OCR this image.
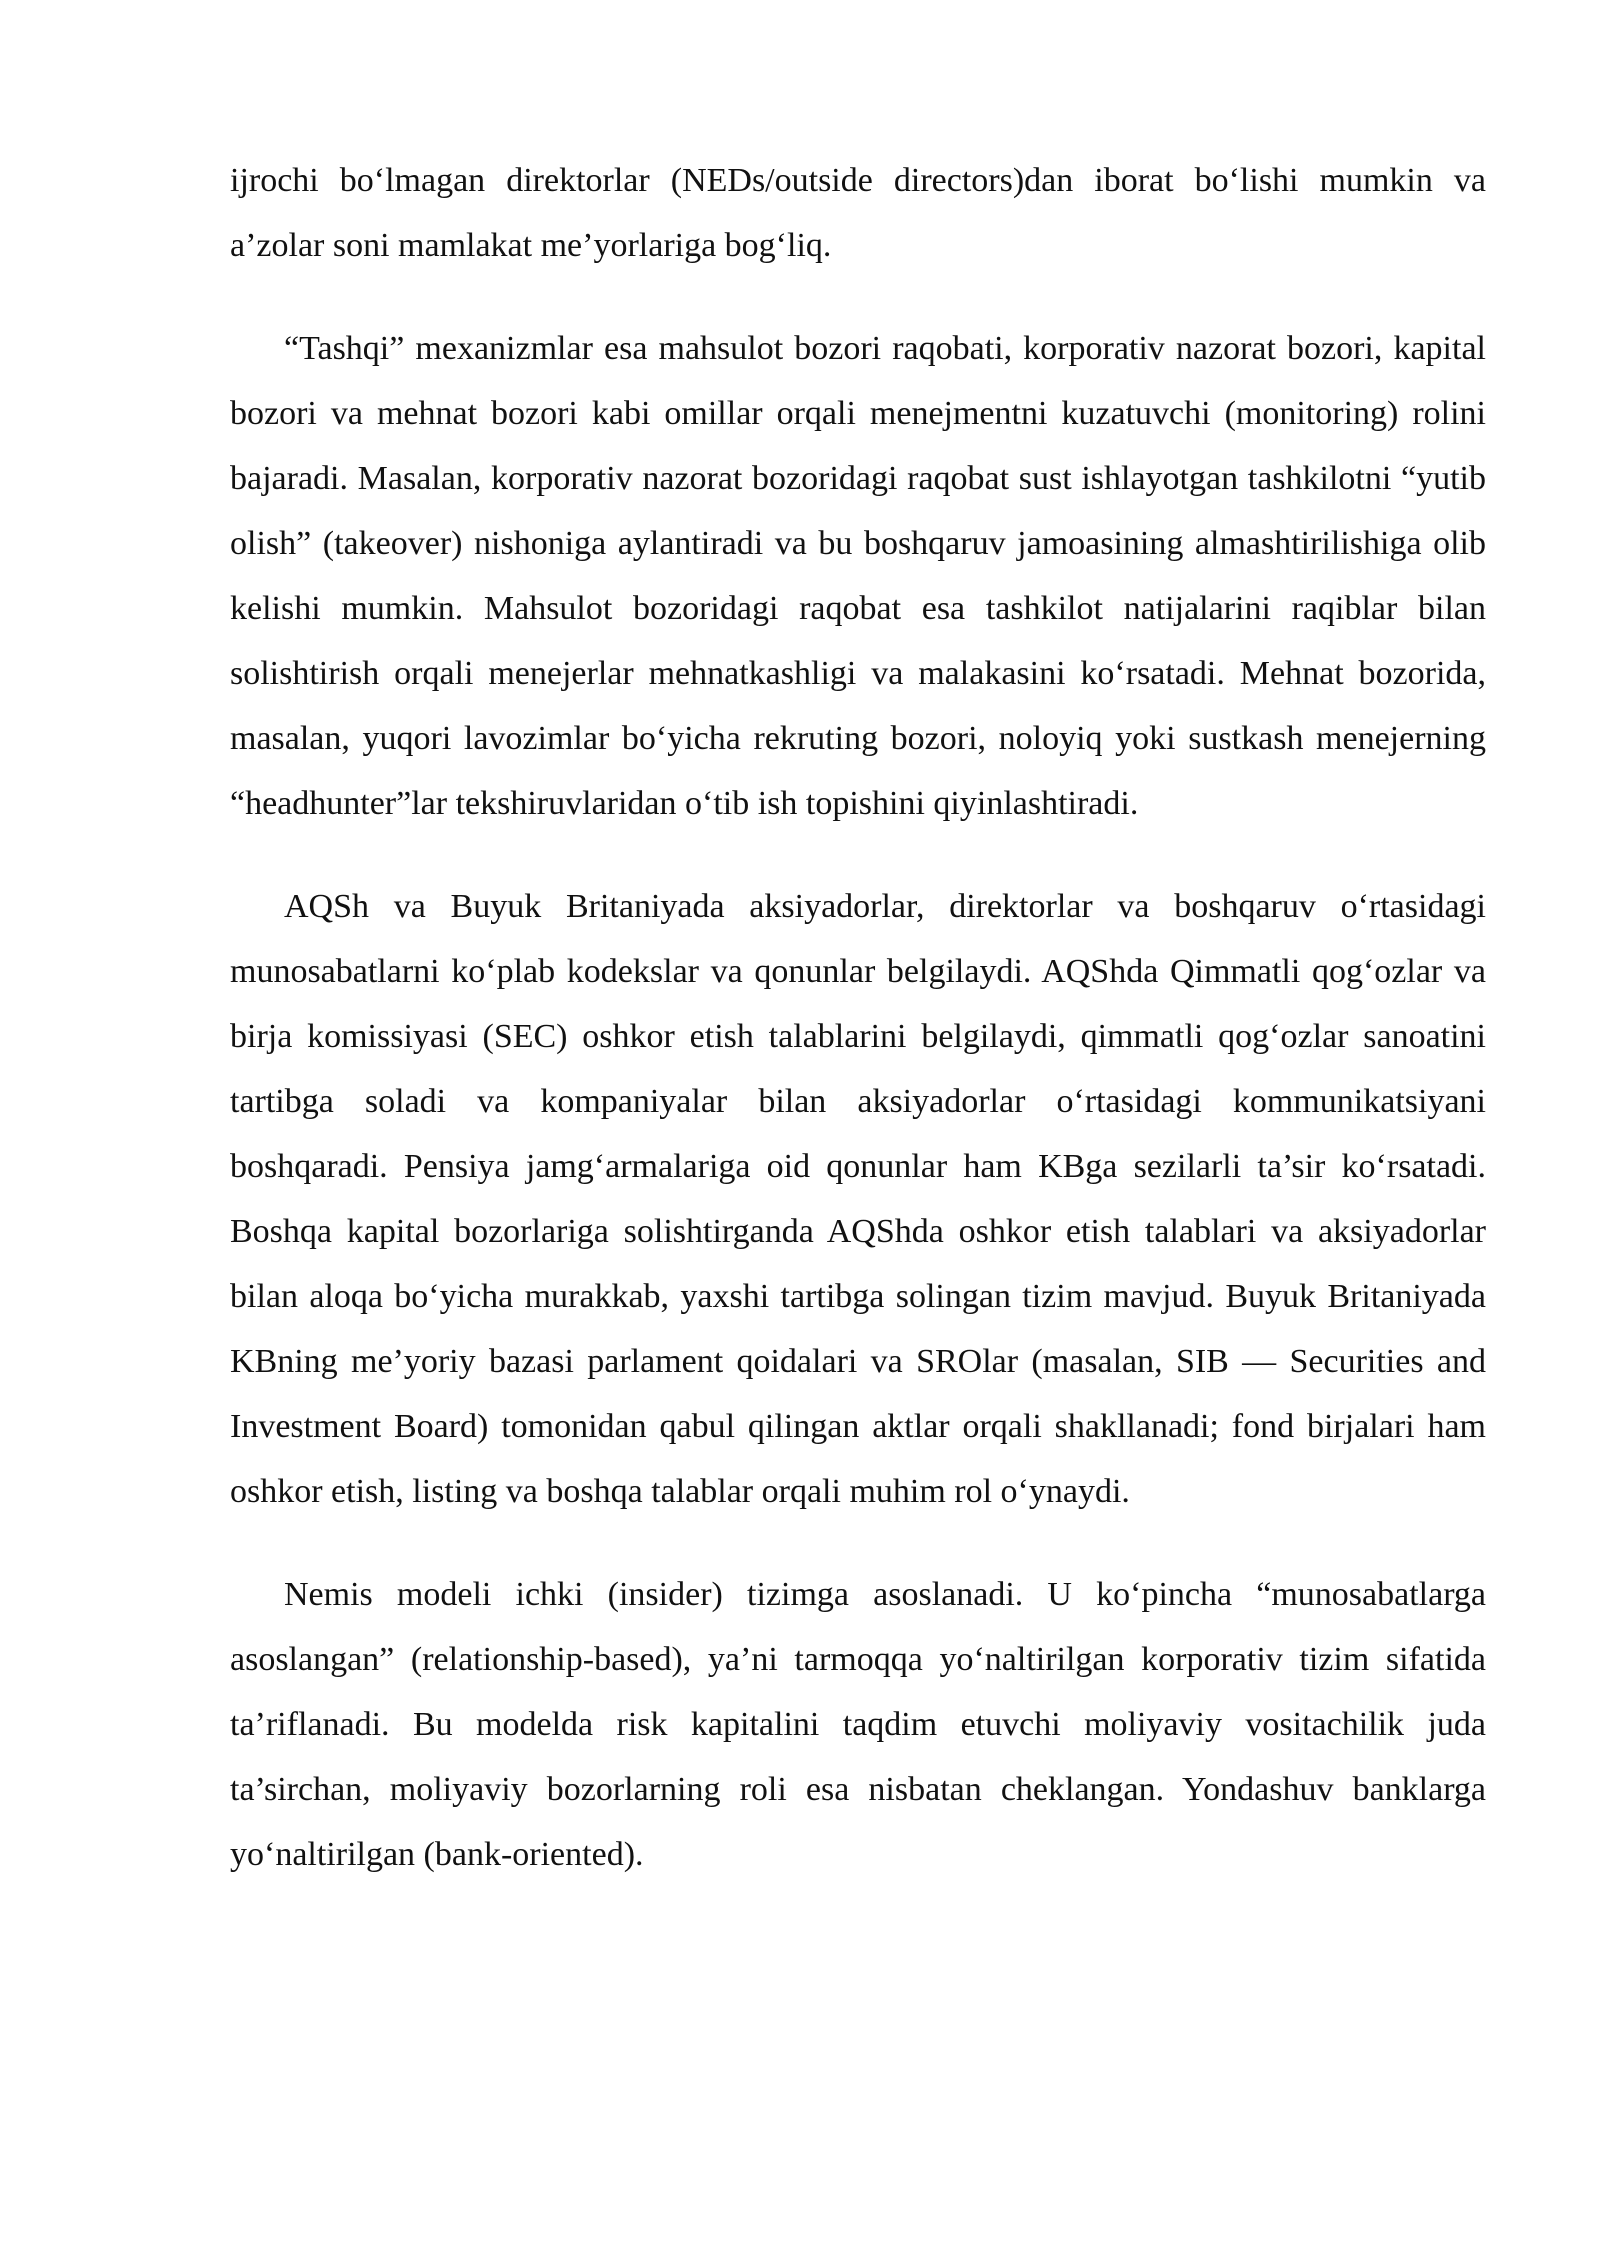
ijrochi bo‘lmagan direktorlar (NEDs/outside directors)dan iborat bo‘lishi mumkin va a’zolar soni mamlakat me’yorlariga bog‘liq.

“Tashqi” mexanizmlar esa mahsulot bozori raqobati, korporativ nazorat bozori, kapital bozori va mehnat bozori kabi omillar orqali menejmentni kuzatuvchi (monitoring) rolini bajaradi. Masalan, korporativ nazorat bozoridagi raqobat sust ishlayotgan tashkilotni “yutib olish” (takeover) nishoniga aylantiradi va bu boshqaruv jamoasining almashtirilishiga olib kelishi mumkin. Mahsulot bozoridagi raqobat esa tashkilot natijalarini raqiblar bilan solishtirish orqali menejerlar mehnatkashligi va malakasini ko‘rsatadi. Mehnat bozorida, masalan, yuqori lavozimlar bo‘yicha rekruting bozori, noloyiq yoki sustkash menejerning “headhunter”lar tekshiruvlaridan o‘tib ish topishini qiyinlashtiradi.

AQSh va Buyuk Britaniyada aksiyadorlar, direktorlar va boshqaruv o‘rtasidagi munosabatlarni ko‘plab kodekslar va qonunlar belgilaydi. AQShda Qimmatli qog‘ozlar va birja komissiyasi (SEC) oshkor etish talablarini belgilaydi, qimmatli qog‘ozlar sanoatini tartibga soladi va kompaniyalar bilan aksiyadorlar o‘rtasidagi kommunikatsiyani boshqaradi. Pensiya jamg‘armalariga oid qonunlar ham KBga sezilarli ta’sir ko‘rsatadi. Boshqa kapital bozorlariga solishtirganda AQShda oshkor etish talablari va aksiyadorlar bilan aloqa bo‘yicha murakkab, yaxshi tartibga solingan tizim mavjud. Buyuk Britaniyada KBning me’yoriy bazasi parlament qoidalari va SROlar (masalan, SIB — Securities and Investment Board) tomonidan qabul qilingan aktlar orqali shakllanadi; fond birjalari ham oshkor etish, listing va boshqa talablar orqali muhim rol o‘ynaydi.

Nemis modeli ichki (insider) tizimga asoslanadi. U ko‘pincha “munosabatlarga asoslangan” (relationship-based), ya’ni tarmoqqa yo‘naltirilgan korporativ tizim sifatida ta’riflanadi. Bu modelda risk kapitalini taqdim etuvchi moliyaviy vositachilik juda ta’sirchan, moliyaviy bozorlarning roli esa nisbatan cheklangan. Yondashuv banklarga yo‘naltirilgan (bank-oriented).
